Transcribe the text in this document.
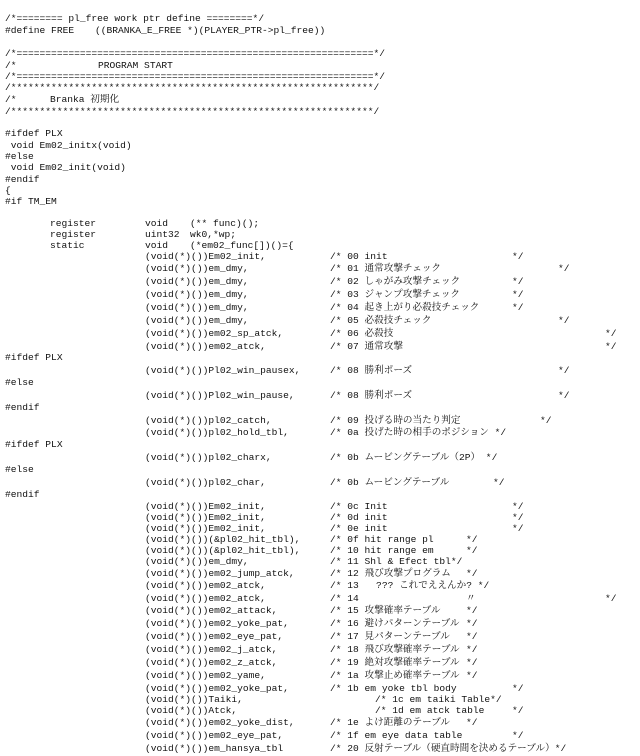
/*======== pl_free work ptr define ========*/
#define FREE ((BRANKA_E_FREE *)(PLAYER_PTR->pl_free))
/*==============================================================*/
/*	PROGRAM START
/*==============================================================*/
/***************************************************************/
/*	Branka 初期化
/***************************************************************/
#ifdef PLX
void Em02_initx(void)
#else
void Em02_init(void)
#endif
{
#if TM_EM
register	void (** func)();
register	uint32 wk0,*wp;
static	void (*em02_func[])()={
(void(*)())Em02_init,	/* 00 init	*/
(void(*)())em_dmy,	/* 01 通常攻撃チェック	*/
(void(*)())em_dmy,	/* 02 しゃがみ攻撃チェック	*/
(void(*)())em_dmy,	/* 03 ジャンプ攻撃チェック	*/
(void(*)())em_dmy,	/* 04 起き上がり必殺技チェック	*/
(void(*)())em_dmy,	/* 05 必殺技チェック	*/
(void(*)())em02_sp_atck,	/* 06 必殺技	*/
(void(*)())em02_atck,	/* 07 通常攻撃	*/
#ifdef PLX
(void(*)())Pl02_win_pausex,	/* 08 勝利ポーズ	*/
#else
(void(*)())Pl02_win_pause,	/* 08 勝利ポーズ	*/
#endif
(void(*)())pl02_catch,	/* 09 投げる時の当たり判定	*/
(void(*)())pl02_hold_tbl,	/* 0a 投げた時の相手のポジション */
#ifdef PLX
(void(*)())pl02_charx,	/* 0b ムービングテーブル（2P） */
#else
(void(*)())pl02_char,	/* 0b ムービングテーブル	*/
#endif
(void(*)())Em02_init,	/* 0c Init	*/
(void(*)())Em02_init,	/* 0d init	*/
(void(*)())Em02_init,	/* 0e init	*/
(void(*)())(&pl02_hit_tbl),	/* 0f hit range pl	*/
(void(*)())(&pl02_hit_tbl),	/* 10 hit range em	*/
(void(*)())em_dmy,	/* 11 Shl & Efect tbl*/
(void(*)())em02_jump_atck,	/* 12 飛び攻撃プログラム */
(void(*)())em02_atck,	/* 13   ??? これでええんか? */
(void(*)())em02_atck,	/* 14	〃	*/
(void(*)())em02_attack,	/* 15 攻撃確率テーブル	*/
(void(*)())em02_yoke_pat,	/* 16 避けパターンテーブル */
(void(*)())em02_eye_pat,	/* 17 見パターンテーブル */
(void(*)())em02_j_atck,	/* 18 飛び攻撃確率テーブル */
(void(*)())em02_z_atck,	/* 19 絶対攻撃確率テーブル */
(void(*)())em02_yame,	/* 1a 攻撃止め確率テーブル */
(void(*)())em02_yoke_pat,	/* 1b em yoke tbl body	*/
(void(*)())Taiki,	/* 1c em taiki Table*/
(void(*)())Atck,	/* 1d em atck table	*/
(void(*)())em02_yoke_dist,	/* 1e よけ距離のテーブル */
(void(*)())em02_eye_pat,	/* 1f em eye data table	*/
(void(*)())em_hansya_tbl	/* 20 反射テーブル（硬直時間を決めるテーブル）*/
